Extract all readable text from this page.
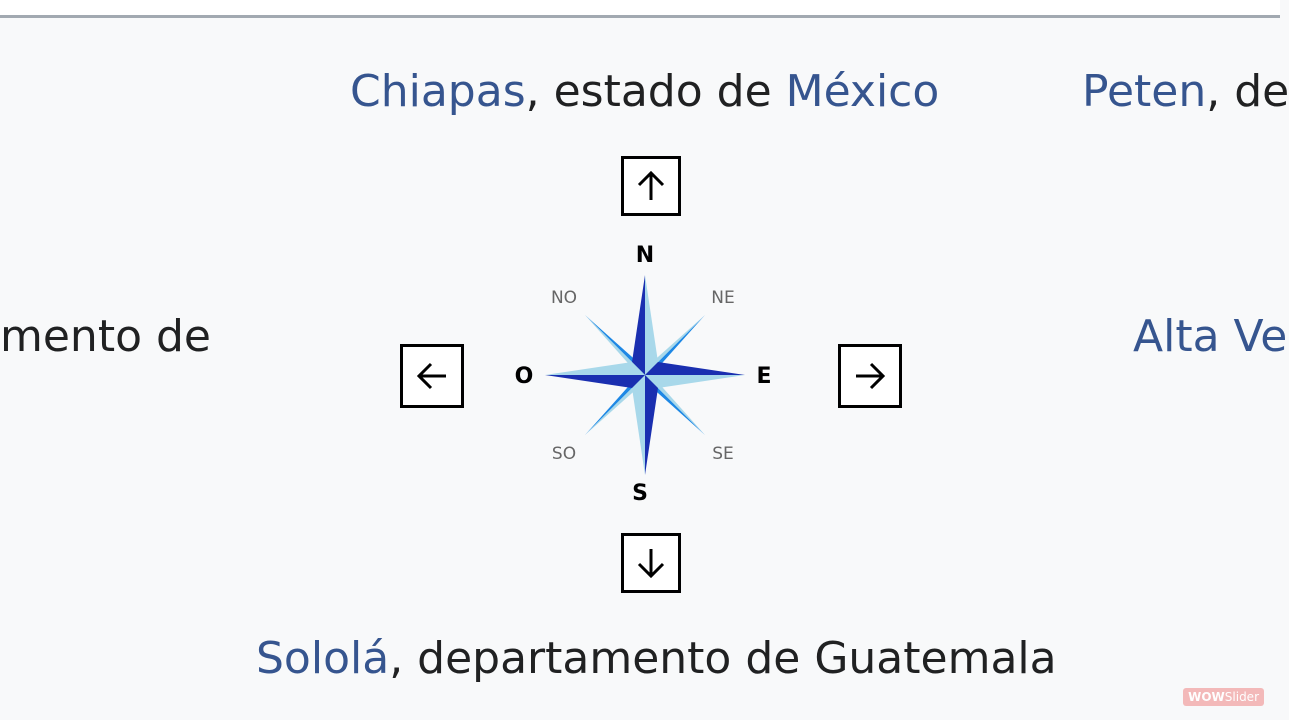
Chiapas, estado de México	Peten, de
mento de	Alta Ve
N
S
E
O
NE
NO
SE
SO
Sololá, departamento de Guatemala
WOWSlider
